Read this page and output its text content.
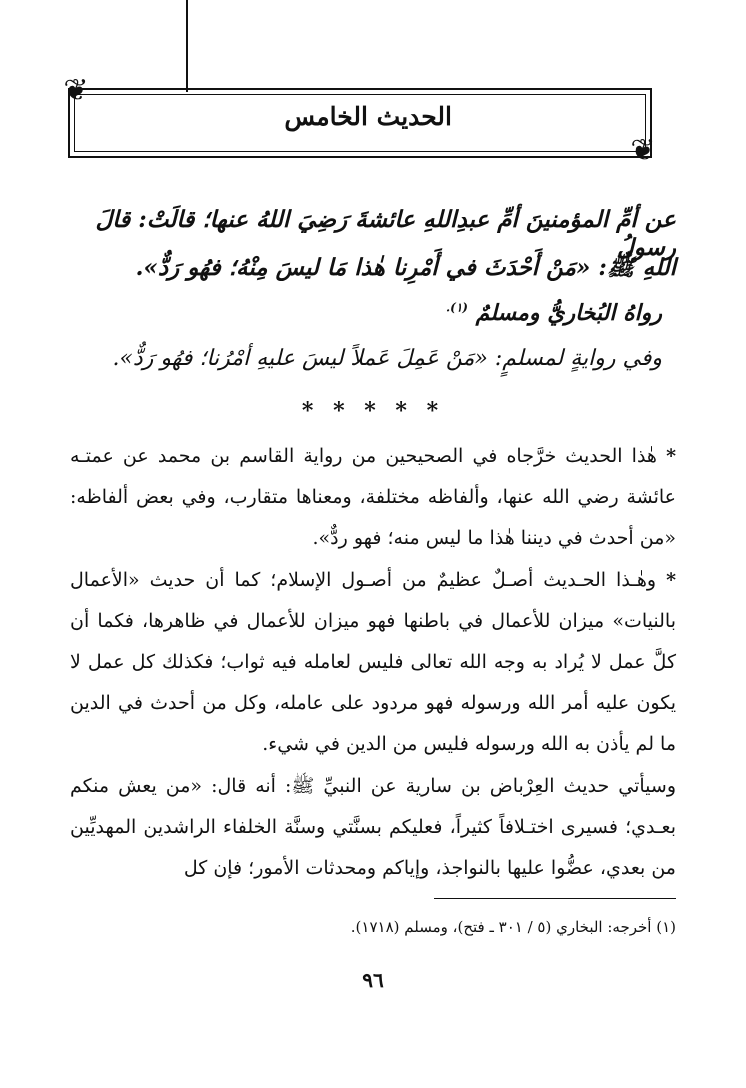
❦
❦
الحديث الخامس
عن أمِّ المؤمنينَ أمِّ عبدِاللهِ عائشةَ رَضِيَ اللهُ عنها؛ قالَتْ: قالَ رسولُ
اللهِ ﷺ: «مَنْ أَحْدَثَ في أَمْرِنا هٰذا مَا ليسَ مِنْهُ؛ فهُو رَدٌّ».
رواهُ البُخاريُّ ومسلمٌ $^{(١).}$
وفي روايةٍ لمسلمٍ: «مَنْ عَمِلَ عَملاً ليسَ عليهِ أمْرُنا؛ فهُو رَدٌّ».
* * * * *
* هٰذا الحديث خرَّجاه في الصحيحين من رواية القاسم بن محمد عن عمتـه عائشة رضي الله عنها، وألفاظه مختلفة، ومعناها متقارب، وفي بعض ألفاظه: «من أحدث في ديننا هٰذا ما ليس منه؛ فهو ردٌّ».
* وهٰـذا الحـديث أصـلٌ عظيمٌ من أصـول الإسلام؛ كما أن حديث «الأعمال بالنيات» ميزان للأعمال في باطنها فهو ميزان للأعمال في ظاهرها، فكما أن كلَّ عمل لا يُراد به وجه الله تعالى فليس لعامله فيه ثواب؛ فكذلك كل عمل لا يكون عليه أمر الله ورسوله فهو مردود على عامله، وكل من أحدث في الدين ما لم يأذن به الله ورسوله فليس من الدين في شيء.
وسيأتي حديث العِرْباض بن سارية عن النبيِّ ﷺ: أنه قال: «من يعش منكم بعـدي؛ فسيرى اختـلافاً كثيراً، فعليكم بسنَّتي وسنَّة الخلفاء الراشدين المهديِّين من بعدي، عضُّوا عليها بالنواجذ، وإياكم ومحدثات الأمور؛ فإن كل
(١) أخرجه: البخاري (٥ / ٣٠١ ـ فتح)، ومسلم (١٧١٨).
٩٦
